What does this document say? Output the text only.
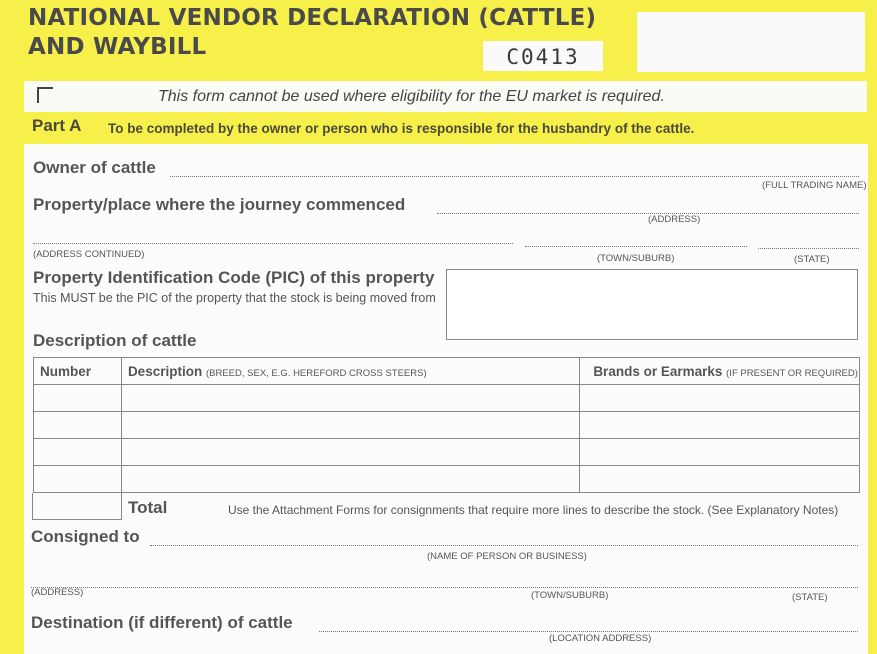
NATIONAL VENDOR DECLARATION (CATTLE)
AND WAYBILL	C0413
This form cannot be used where eligibility for the EU market is required.
Part A To be completed by the owner or person who is responsible for the husbandry of the cattle.
Owner of cattle
(FULL TRADING NAME)
Property/place where the journey commenced
(ADDRESS)
(ADDRESS CONTINUED)	(TOWN/SUBURB)	(STATE)
Property Identification Code (PIC) of this property
This MUST be the PIC of the property that the stock is being moved from
Description of cattle
Number	Description (BREED, SEX, E.G. HEREFORD CROSS STEERS)	Brands or Earmarks (IF PRESENT OR REQUIRED)

Total	Use the Attachment Forms for consignments that require more lines to describe the stock. (See Explanatory Notes)
Consigned to
(NAME OF PERSON OR BUSINESS)
(ADDRESS)	(TOWN/SUBURB)	(STATE)
Destination (if different) of cattle
(LOCATION ADDRESS)
